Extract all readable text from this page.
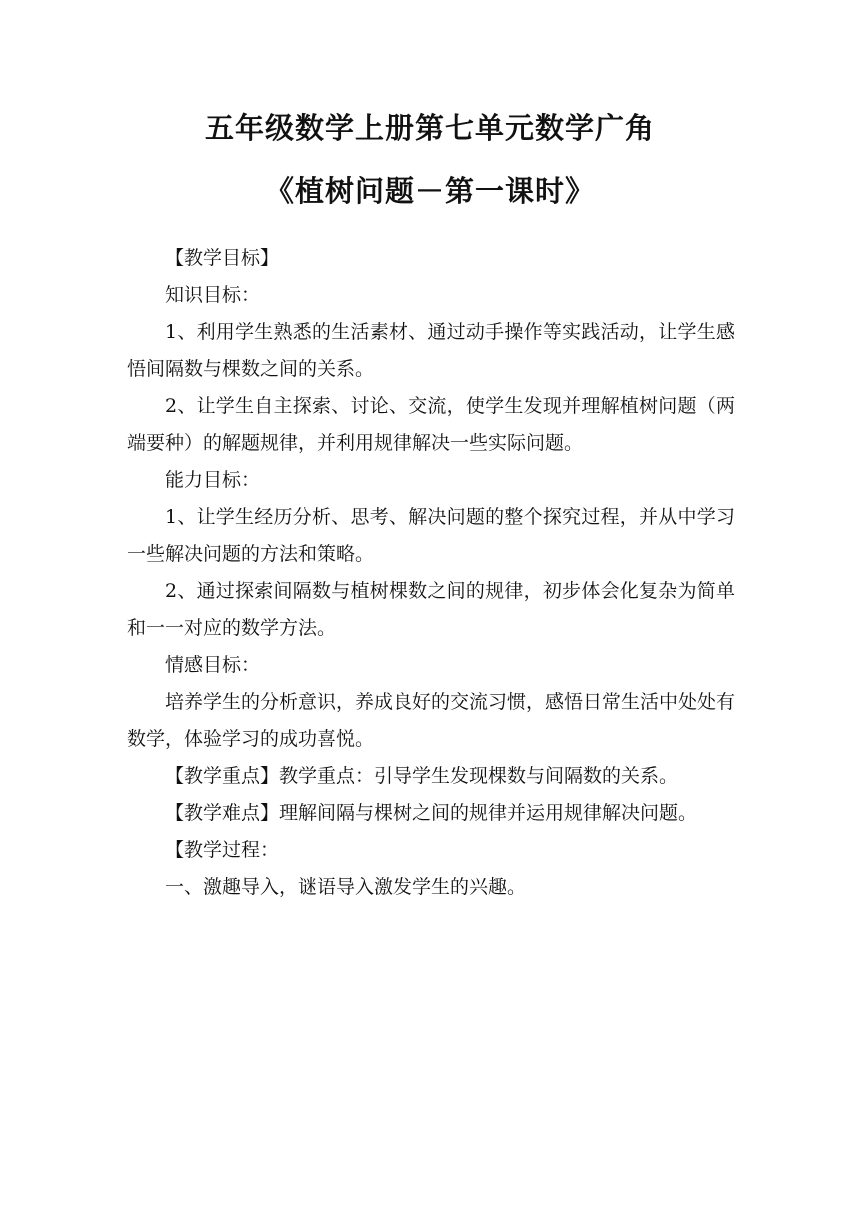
五年级数学上册第七单元数学广角
《植树问题－第一课时》

【教学目标】

知识目标：

1、利用学生熟悉的生活素材、通过动手操作等实践活动，让学生感悟间隔数与棵数之间的关系。

2、让学生自主探索、讨论、交流，使学生发现并理解植树问题（两端要种）的解题规律，并利用规律解决一些实际问题。

能力目标：

1、让学生经历分析、思考、解决问题的整个探究过程，并从中学习一些解决问题的方法和策略。

2、通过探索间隔数与植树棵数之间的规律，初步体会化复杂为简单和一一对应的数学方法。

情感目标：

培养学生的分析意识，养成良好的交流习惯，感悟日常生活中处处有数学，体验学习的成功喜悦。

【教学重点】教学重点：引导学生发现棵数与间隔数的关系。

【教学难点】理解间隔与棵树之间的规律并运用规律解决问题。

【教学过程：

一、激趣导入，谜语导入激发学生的兴趣。
